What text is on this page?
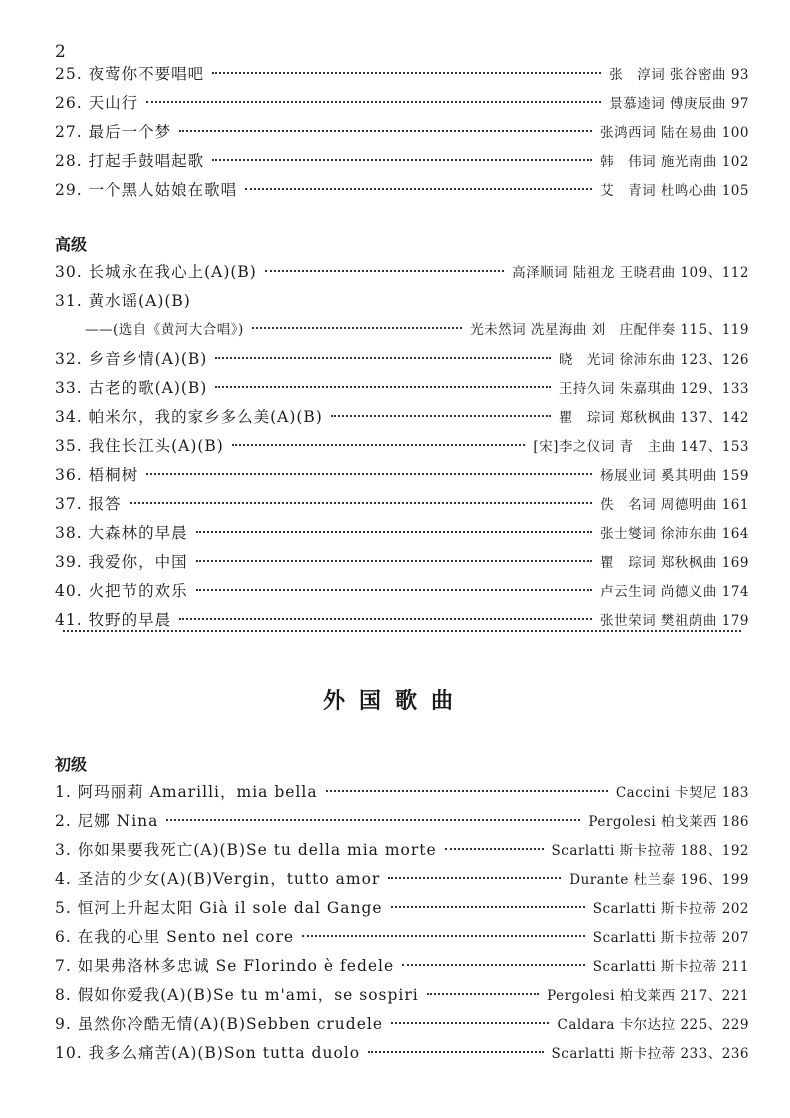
2
25. 夜莺你不要唱吧	张　淳词 张谷密曲 93
26. 天山行	景慕逵词 傅庚辰曲 97
27. 最后一个梦	张鸿西词 陆在易曲 100
28. 打起手鼓唱起歌	韩　伟词 施光南曲 102
29. 一个黑人姑娘在歌唱	艾　青词 杜鸣心曲 105
高级
30. 长城永在我心上(A)(B)	高泽顺词 陆祖龙 王晓君曲 109、112
31. 黄水谣(A)(B)
——(选自《黄河大合唱》)	光未然词 冼星海曲 刘　庄配伴奏 115、119
32. 乡音乡情(A)(B)	晓　光词 徐沛东曲 123、126
33. 古老的歌(A)(B)	王持久词 朱嘉琪曲 129、133
34. 帕米尔，我的家乡多么美(A)(B)	瞿　琮词 郑秋枫曲 137、142
35. 我住长江头(A)(B)	[宋]李之仪词 青　主曲 147、153
36. 梧桐树	杨展业词 奚其明曲 159
37. 报答	佚　名词 周德明曲 161
38. 大森林的早晨	张士燮词 徐沛东曲 164
39. 我爱你，中国	瞿　琮词 郑秋枫曲 169
40. 火把节的欢乐	卢云生词 尚德义曲 174
41. 牧野的早晨	张世荣词 樊祖荫曲 179
外国歌曲
初级
1. 阿玛丽莉 Amarilli，mia bella	Caccini 卡契尼 183
2. 尼娜 Nina	Pergolesi 柏戈莱西 186
3. 你如果要我死亡(A)(B)Se tu della mia morte	Scarlatti 斯卡拉蒂 188、192
4. 圣洁的少女(A)(B)Vergin，tutto amor	Durante 杜兰泰 196、199
5. 恒河上升起太阳 Già il sole dal Gange	Scarlatti 斯卡拉蒂 202
6. 在我的心里 Sento nel core	Scarlatti 斯卡拉蒂 207
7. 如果弗洛林多忠诚 Se Florindo è fedele	Scarlatti 斯卡拉蒂 211
8. 假如你爱我(A)(B)Se tu m'ami，se sospiri	Pergolesi 柏戈莱西 217、221
9. 虽然你冷酷无情(A)(B)Sebben crudele	Caldara 卡尔达拉 225、229
10. 我多么痛苦(A)(B)Son tutta duolo	Scarlatti 斯卡拉蒂 233、236
